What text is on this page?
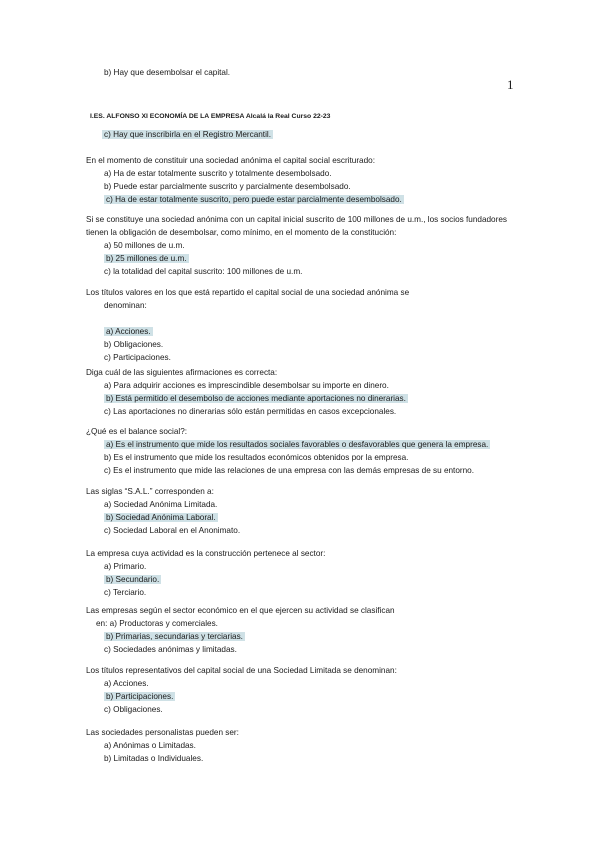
b) Hay que desembolsar el capital.
1
I.ES. ALFONSO XI ECONOMÍA DE LA EMPRESA Alcalá la Real Curso 22-23
c) Hay que inscribirla en el Registro Mercantil.
En el momento de constituir una sociedad anónima el capital social escriturado:
a) Ha de estar totalmente suscrito y totalmente desembolsado.
b) Puede estar parcialmente suscrito y parcialmente desembolsado.
c) Ha de estar totalmente suscrito, pero puede estar parcialmente desembolsado.
Si se constituye una sociedad anónima con un capital inicial suscrito de 100 millones de u.m., los socios fundadores
tienen la obligación de desembolsar, como mínimo, en el momento de la constitución:
a) 50 millones de u.m.
b) 25 millones de u.m.
c) la totalidad del capital suscrito: 100 millones de u.m.
Los títulos valores en los que está repartido el capital social de una sociedad anónima se
denominan:

a) Acciones.
b) Obligaciones.
c) Participaciones.
Diga cuál de las siguientes afirmaciones es correcta:
a) Para adquirir acciones es imprescindible desembolsar su importe en dinero.
b) Está permitido el desembolso de acciones mediante aportaciones no dinerarias.
c) Las aportaciones no dinerarias sólo están permitidas en casos excepcionales.
¿Qué es el balance social?:
a) Es el instrumento que mide los resultados sociales favorables o desfavorables que genera la empresa.
b) Es el instrumento que mide los resultados económicos obtenidos por la empresa.
c) Es el instrumento que mide las relaciones de una empresa con las demás empresas de su entorno.
Las siglas “S.A.L.” corresponden a:
a) Sociedad Anónima Limitada.
b) Sociedad Anónima Laboral.
c) Sociedad Laboral en el Anonimato.
La empresa cuya actividad es la construcción pertenece al sector:
a) Primario.
b) Secundario.
c) Terciario.
Las empresas según el sector económico en el que ejercen su actividad se clasifican
en: a) Productoras y comerciales.
b) Primarias, secundarias y terciarias.
c) Sociedades anónimas y limitadas.
Los títulos representativos del capital social de una Sociedad Limitada se denominan:
a) Acciones.
b) Participaciones.
c) Obligaciones.
Las sociedades personalistas pueden ser:
a) Anónimas o Limitadas.
b) Limitadas o Individuales.
